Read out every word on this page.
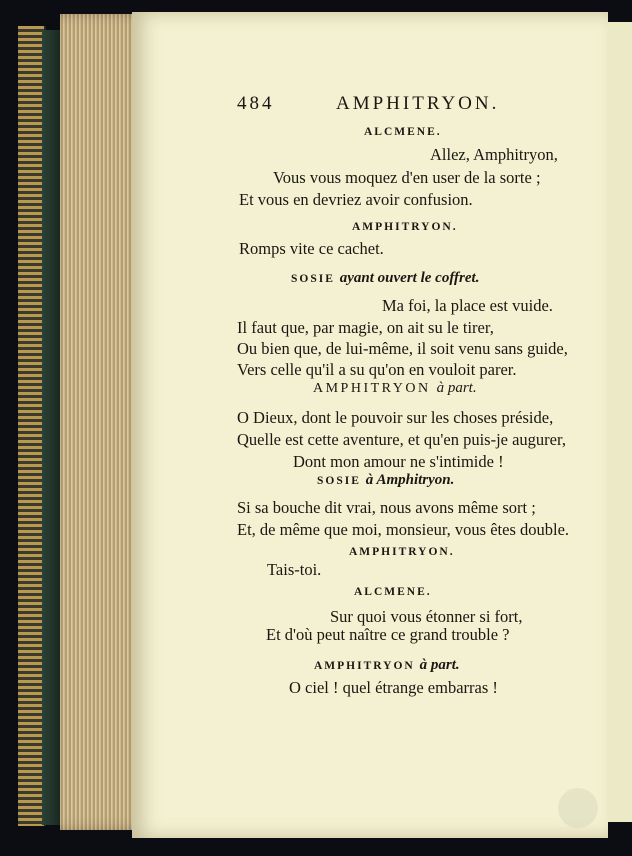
484	AMPHITRYON.
ALCMENE.
Allez, Amphitryon,
Vous vous moquez d'en user de la sorte ;
Et vous en devriez avoir confusion.
AMPHITRYON.
Romps vite ce cachet.
SOSIE ayant ouvert le coffret.
Ma foi, la place est vuide.
Il faut que, par magie, on ait su le tirer,
Ou bien que, de lui-même, il soit venu sans guide,
Vers celle qu'il a su qu'on en vouloit parer.
AMPHITRYON à part.
O Dieux, dont le pouvoir sur les choses préside,
Quelle est cette aventure, et qu'en puis-je augurer,
Dont mon amour ne s'intimide !
SOSIE à Amphitryon.
Si sa bouche dit vrai, nous avons même sort ;
Et, de même que moi, monsieur, vous êtes double.
AMPHITRYON.
Tais-toi.
ALCMENE.
Sur quoi vous étonner si fort,
Et d'où peut naître ce grand trouble ?
AMPHITRYON à part.
O ciel ! quel étrange embarras !
